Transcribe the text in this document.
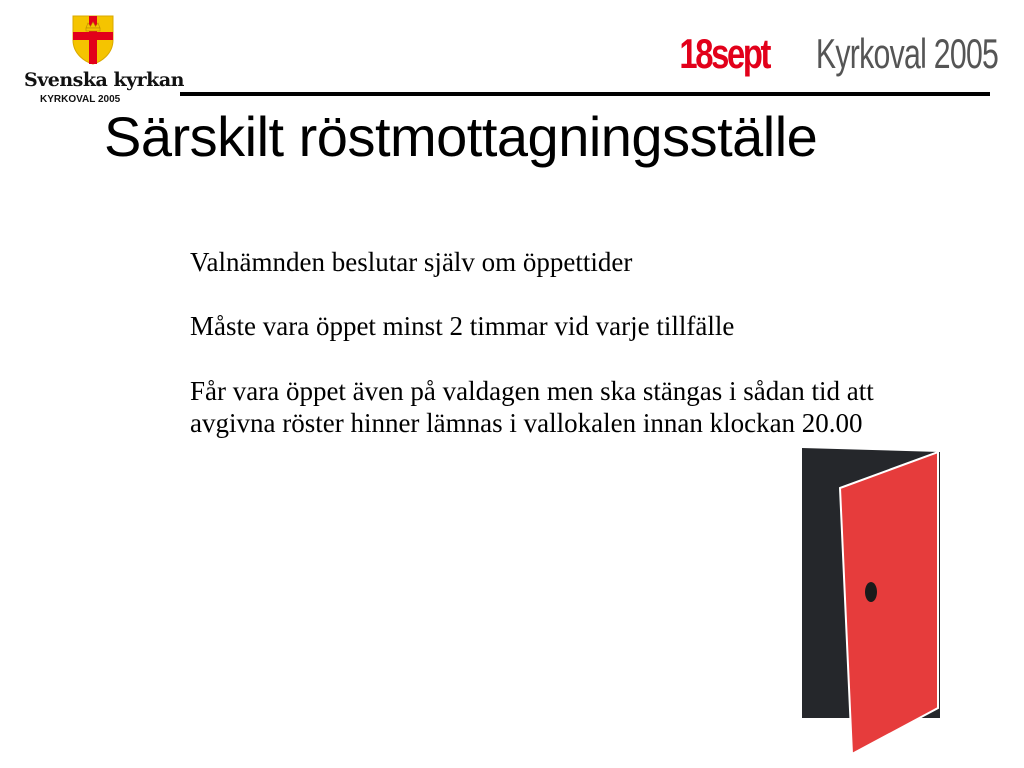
Svenska kyrkan
KYRKOVAL 2005
18sept Kyrkoval 2005
Särskilt röstmottagningsställe

Valnämnden beslutar själv om öppettider

Måste vara öppet minst 2 timmar vid varje tillfälle

Får vara öppet även på valdagen men ska stängas i sådan tid att avgivna röster hinner lämnas i vallokalen innan klockan 20.00
